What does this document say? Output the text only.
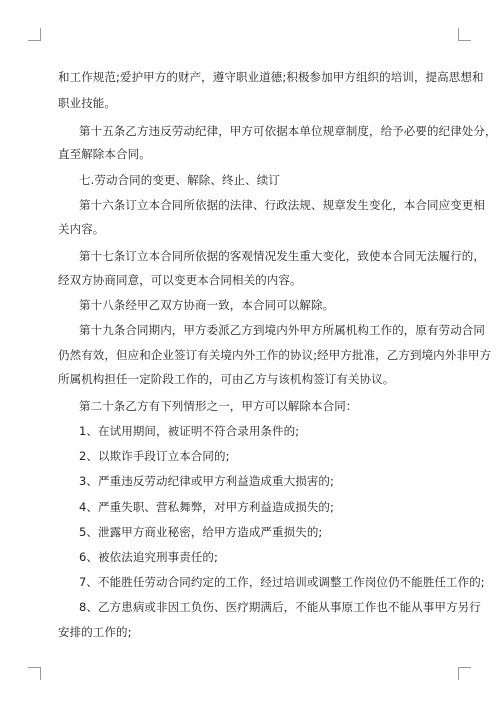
和工作规范;爱护甲方的财产，遵守职业道德;积极参加甲方组织的培训，提高思想和
职业技能。
第十五条乙方违反劳动纪律，甲方可依据本单位规章制度，给予必要的纪律处分，
直至解除本合同。
七.劳动合同的变更、解除、终止、续订
第十六条订立本合同所依据的法律、行政法规、规章发生变化，本合同应变更相
关内容。
第十七条订立本合同所依据的客观情况发生重大变化，致使本合同无法履行的，
经双方协商同意，可以变更本合同相关的内容。
第十八条经甲乙双方协商一致，本合同可以解除。
第十九条合同期内，甲方委派乙方到境内外甲方所属机构工作的，原有劳动合同
仍然有效，但应和企业签订有关境内外工作的协议;经甲方批准，乙方到境内外非甲方
所属机构担任一定阶段工作的，可由乙方与该机构签订有关协议。
第二十条乙方有下列情形之一，甲方可以解除本合同：
1、在试用期间，被证明不符合录用条件的;
2、以欺诈手段订立本合同的;
3、严重违反劳动纪律或甲方利益造成重大损害的;
4、严重失职、营私舞弊，对甲方利益造成损失的;
5、泄露甲方商业秘密，给甲方造成严重损失的;
6、被依法追究刑事责任的;
7、不能胜任劳动合同约定的工作，经过培训或调整工作岗位仍不能胜任工作的;
8、乙方患病或非因工负伤、医疗期满后，不能从事原工作也不能从事甲方另行
安排的工作的;
